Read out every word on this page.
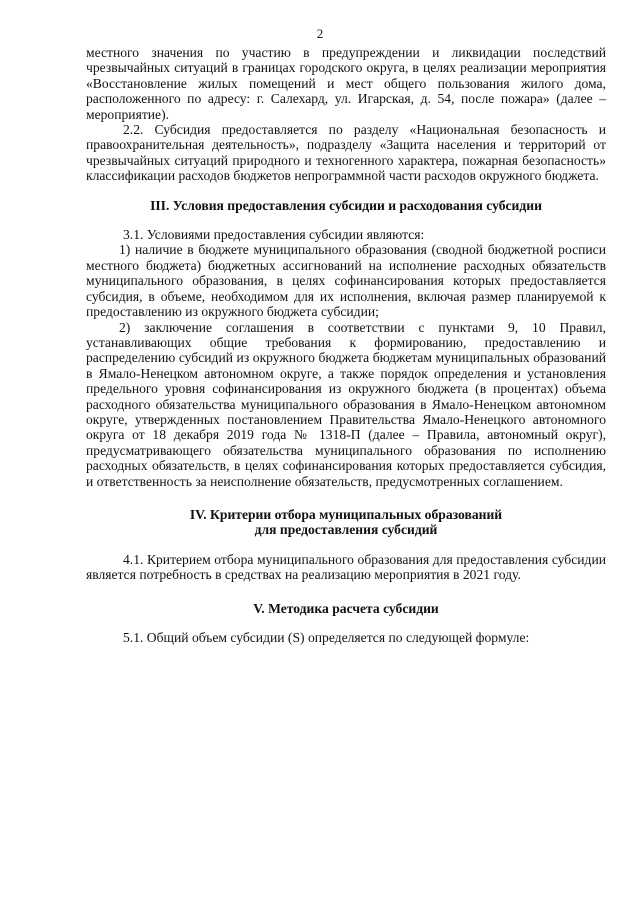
2

местного значения по участию в предупреждении и ликвидации последствий чрезвычайных ситуаций в границах городского округа, в целях реализации мероприятия «Восстановление жилых помещений и мест общего пользования жилого дома, расположенного по адресу: г. Салехард, ул. Игарская, д. 54, после пожара» (далее – мероприятие).

2.2. Субсидия предоставляется по разделу «Национальная безопасность и правоохранительная деятельность», подразделу «Защита населения и территорий от чрезвычайных ситуаций природного и техногенного характера, пожарная безопасность» классификации расходов бюджетов непрограммной части расходов окружного бюджета.

III. Условия предоставления субсидии и расходования субсидии

3.1. Условиями предоставления субсидии являются:

1) наличие в бюджете муниципального образования (сводной бюджетной росписи местного бюджета) бюджетных ассигнований на исполнение расходных обязательств муниципального образования, в целях софинансирования которых предоставляется субсидия, в объеме, необходимом для их исполнения, включая размер планируемой к предоставлению из окружного бюджета субсидии;

2) заключение соглашения в соответствии с пунктами 9, 10 Правил, устанавливающих общие требования к формированию, предоставлению и распределению субсидий из окружного бюджета бюджетам муниципальных образований в Ямало-Ненецком автономном округе, а также порядок определения и установления предельного уровня софинансирования из окружного бюджета (в процентах) объема расходного обязательства муниципального образования в Ямало-Ненецком автономном округе, утвержденных постановлением Правительства Ямало-Ненецкого автономного округа от 18 декабря 2019 года № 1318-П (далее – Правила, автономный округ), предусматривающего обязательства муниципального образования по исполнению расходных обязательств, в целях софинансирования которых предоставляется субсидия, и ответственность за неисполнение обязательств, предусмотренных соглашением.

IV. Критерии отбора муниципальных образований
для предоставления субсидий

4.1. Критерием отбора муниципального образования для предоставления субсидии является потребность в средствах на реализацию мероприятия в 2021 году.

V. Методика расчета субсидии

5.1. Общий объем субсидии (S) определяется по следующей формуле:
